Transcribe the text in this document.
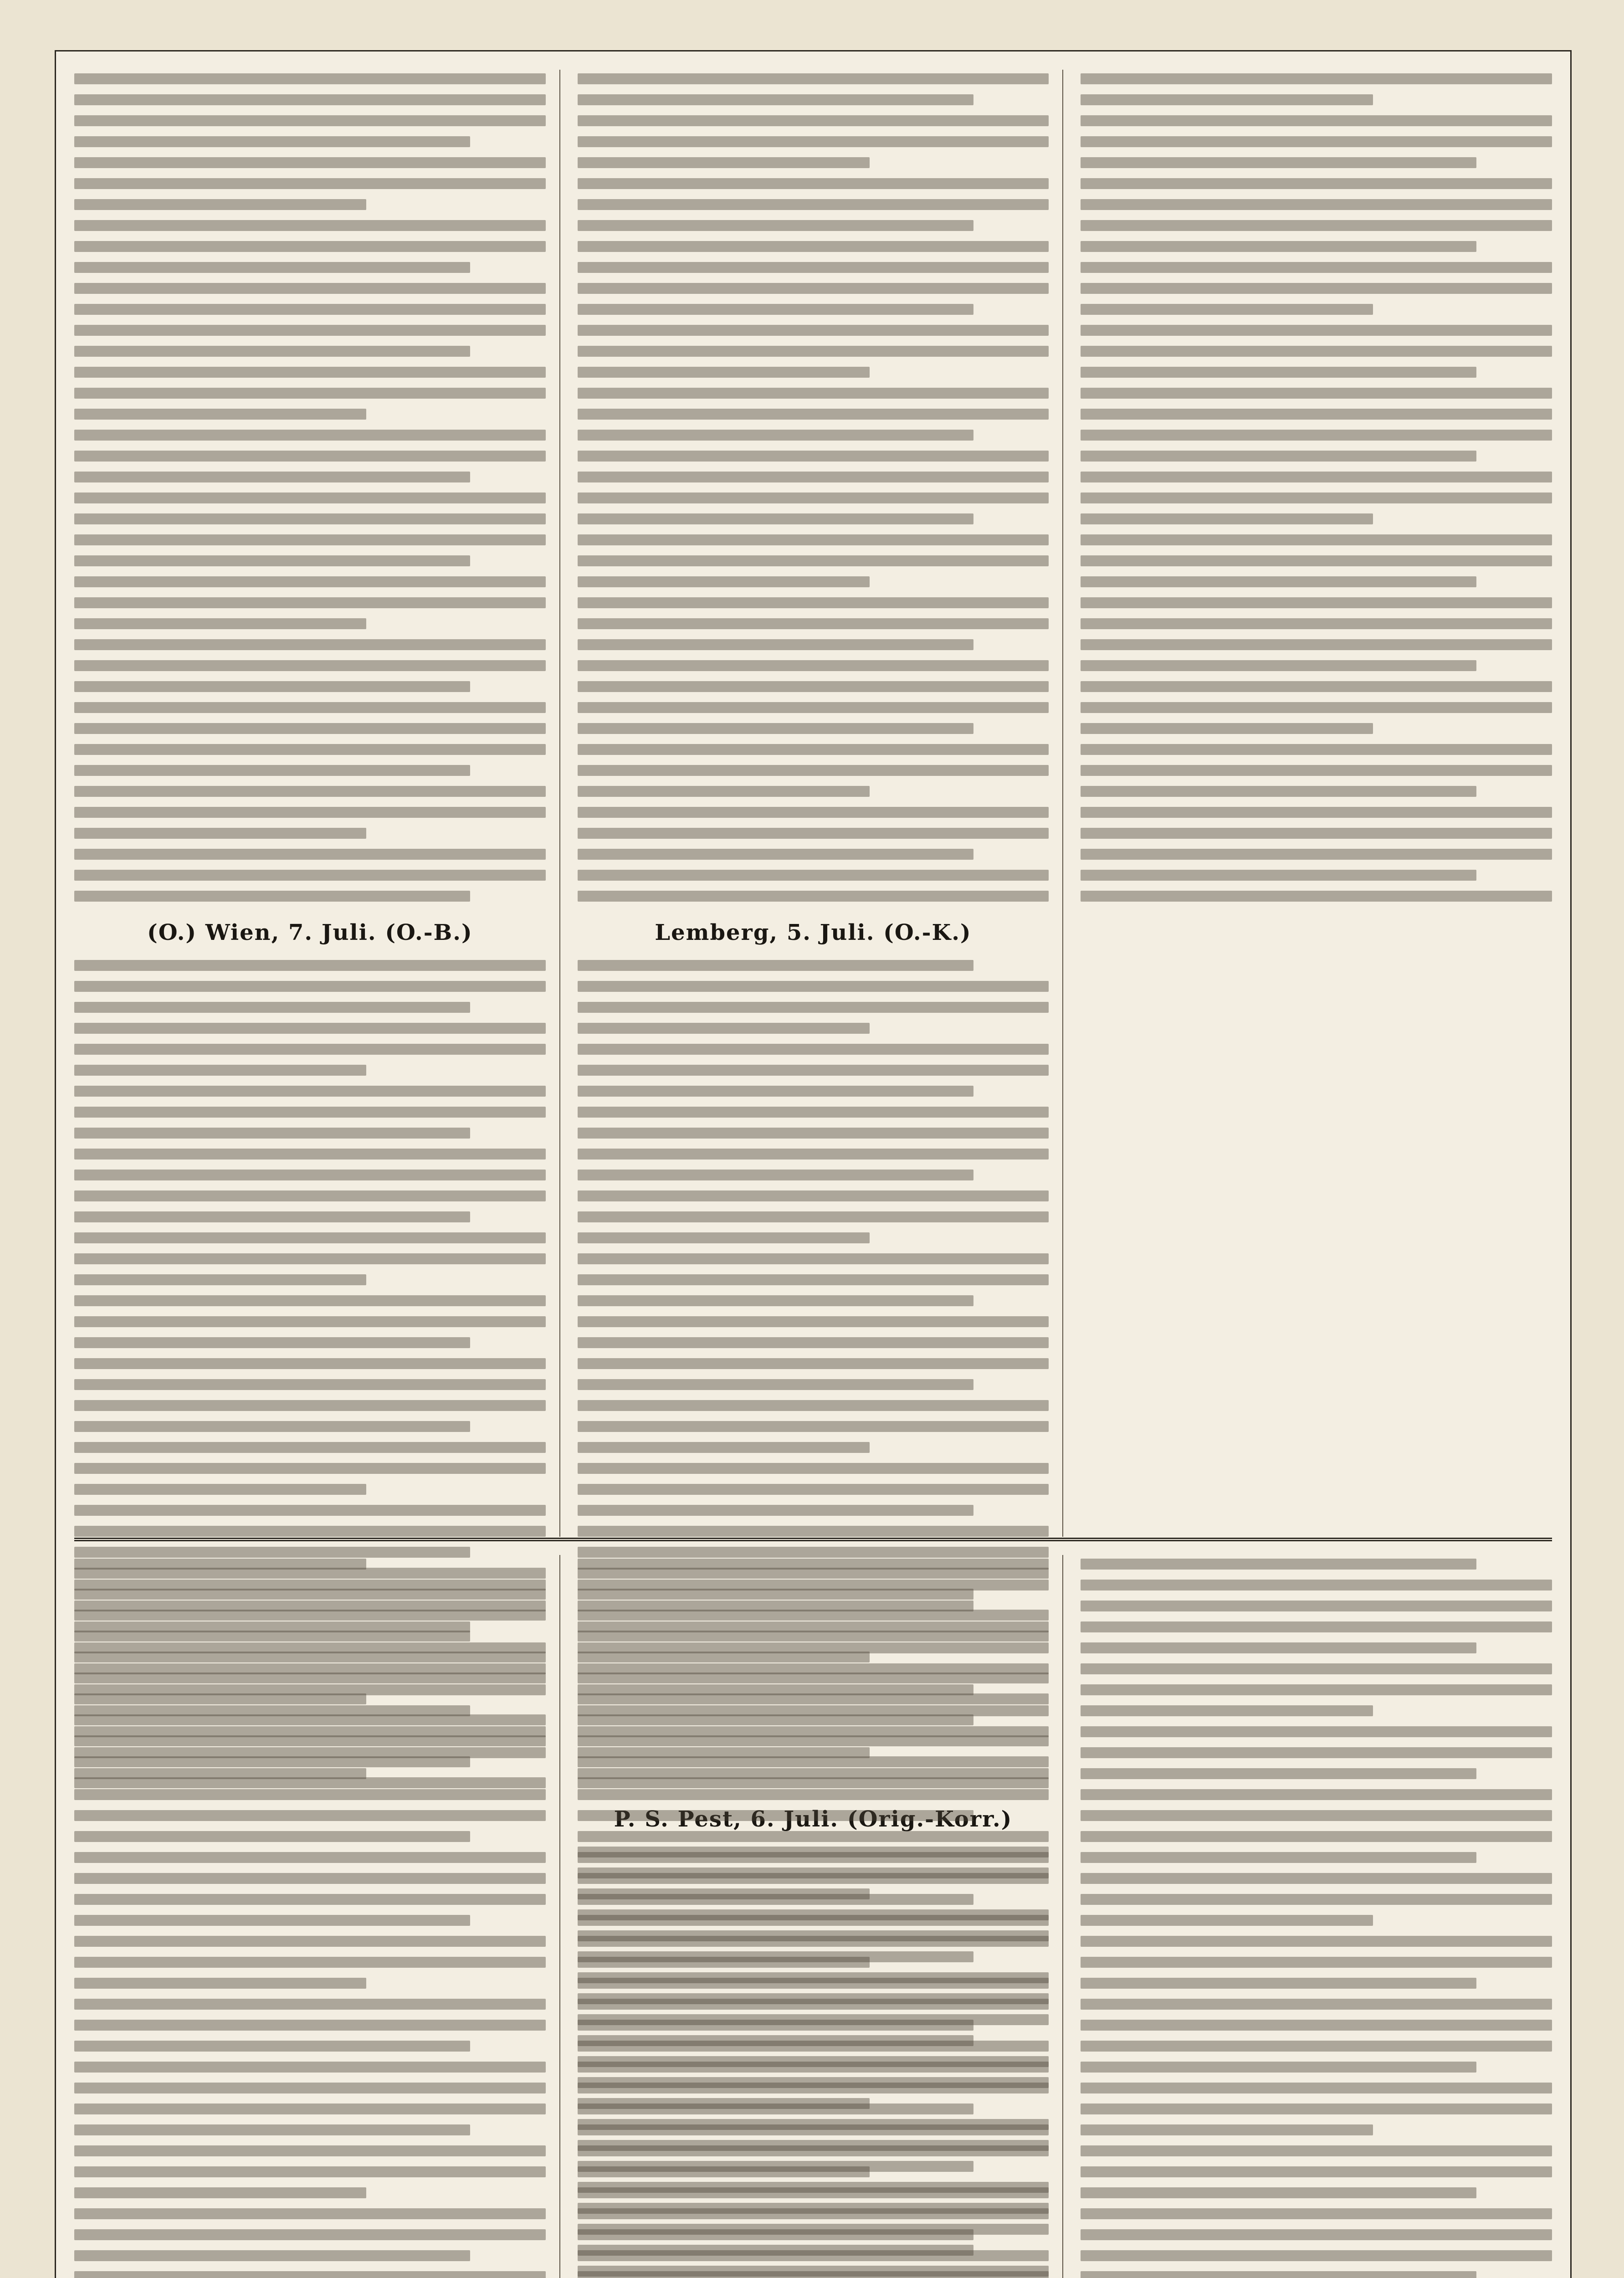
(O.) Wien, 7. Juli. (O.-B.)	Lemberg, 5. Juli. (O.-K.)
P. S. Pest, 6. Juli. (Orig.-Korr.)
